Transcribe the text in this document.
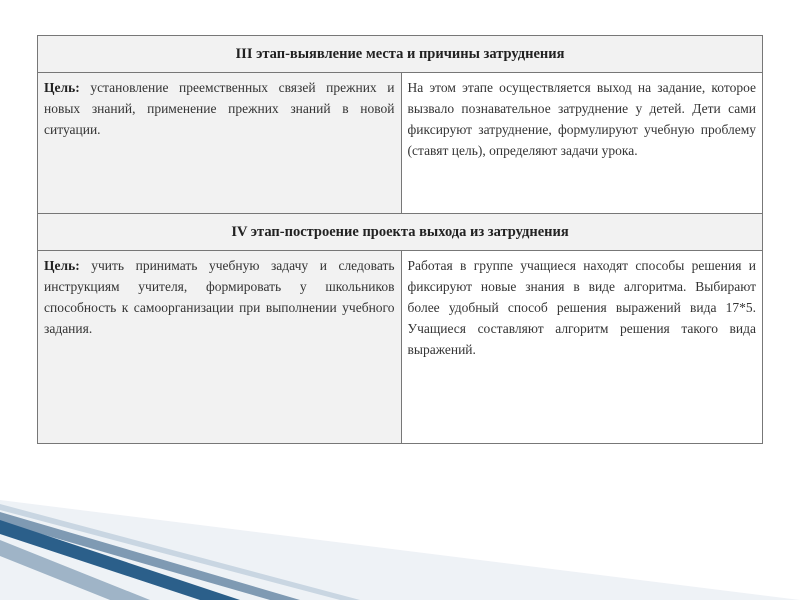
III этап-выявление места и причины затруднения	
Цель: установление преемственных связей прежних и новых знаний, применение прежних знаний в новой ситуации.	На этом этапе осуществляется выход на задание, которое вызвало познавательное затруднение у детей. Дети сами фиксируют затруднение, формулируют учебную проблему (ставят цель), определяют задачи урока.
IV этап-построение проекта выхода из затруднения	
Цель: учить принимать учебную задачу и следовать инструкциям учителя, формировать у школьников способность к самоорганизации при выполнении учебного задания.	Работая в группе учащиеся находят способы решения и фиксируют новые знания в виде алгоритма. Выбирают более удобный способ решения выражений вида 17*5. Учащиеся составляют алгоритм решения такого вида выражений.
